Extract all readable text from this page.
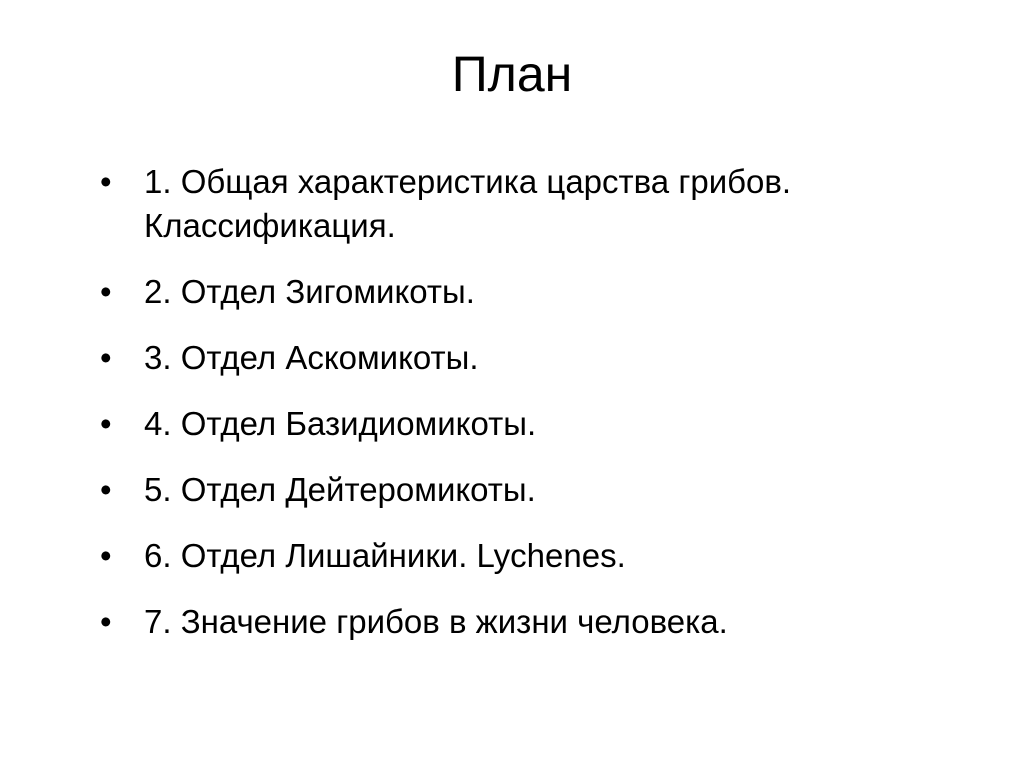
План
• 1. Общая характеристика царства грибов. Классификация.
• 2. Отдел Зигомикоты.
• 3. Отдел Аскомикоты.
• 4. Отдел Базидиомикоты.
• 5. Отдел Дейтеромикоты.
• 6. Отдел Лишайники. Lychenes.
• 7. Значение грибов в жизни человека.
